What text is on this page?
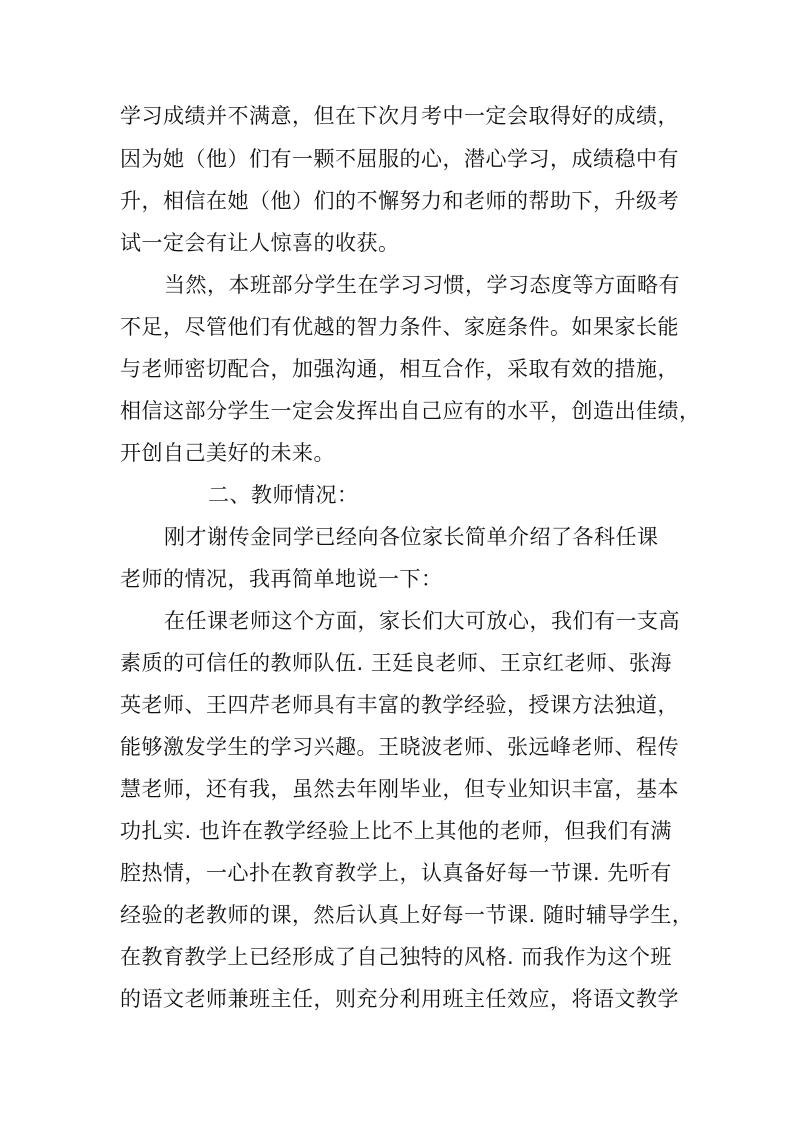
学习成绩并不满意，但在下次月考中一定会取得好的成绩，
因为她（他）们有一颗不屈服的心，潜心学习，成绩稳中有
升，相信在她（他）们的不懈努力和老师的帮助下，升级考
试一定会有让人惊喜的收获。
当然，本班部分学生在学习习惯，学习态度等方面略有
不足，尽管他们有优越的智力条件、家庭条件。如果家长能
与老师密切配合，加强沟通，相互合作，采取有效的措施，
相信这部分学生一定会发挥出自己应有的水平，创造出佳绩，
开创自己美好的未来。
二、教师情况：
刚才谢传金同学已经向各位家长简单介绍了各科任课
老师的情况，我再简单地说一下：
在任课老师这个方面，家长们大可放心，我们有一支高
素质的可信任的教师队伍. 王廷良老师、王京红老师、张海
英老师、王四芹老师具有丰富的教学经验，授课方法独道，
能够激发学生的学习兴趣。王晓波老师、张远峰老师、程传
慧老师，还有我，虽然去年刚毕业，但专业知识丰富，基本
功扎实. 也许在教学经验上比不上其他的老师，但我们有满
腔热情，一心扑在教育教学上，认真备好每一节课. 先听有
经验的老教师的课，然后认真上好每一节课. 随时辅导学生，
在教育教学上已经形成了自己独特的风格. 而我作为这个班
的语文老师兼班主任，则充分利用班主任效应，将语文教学
